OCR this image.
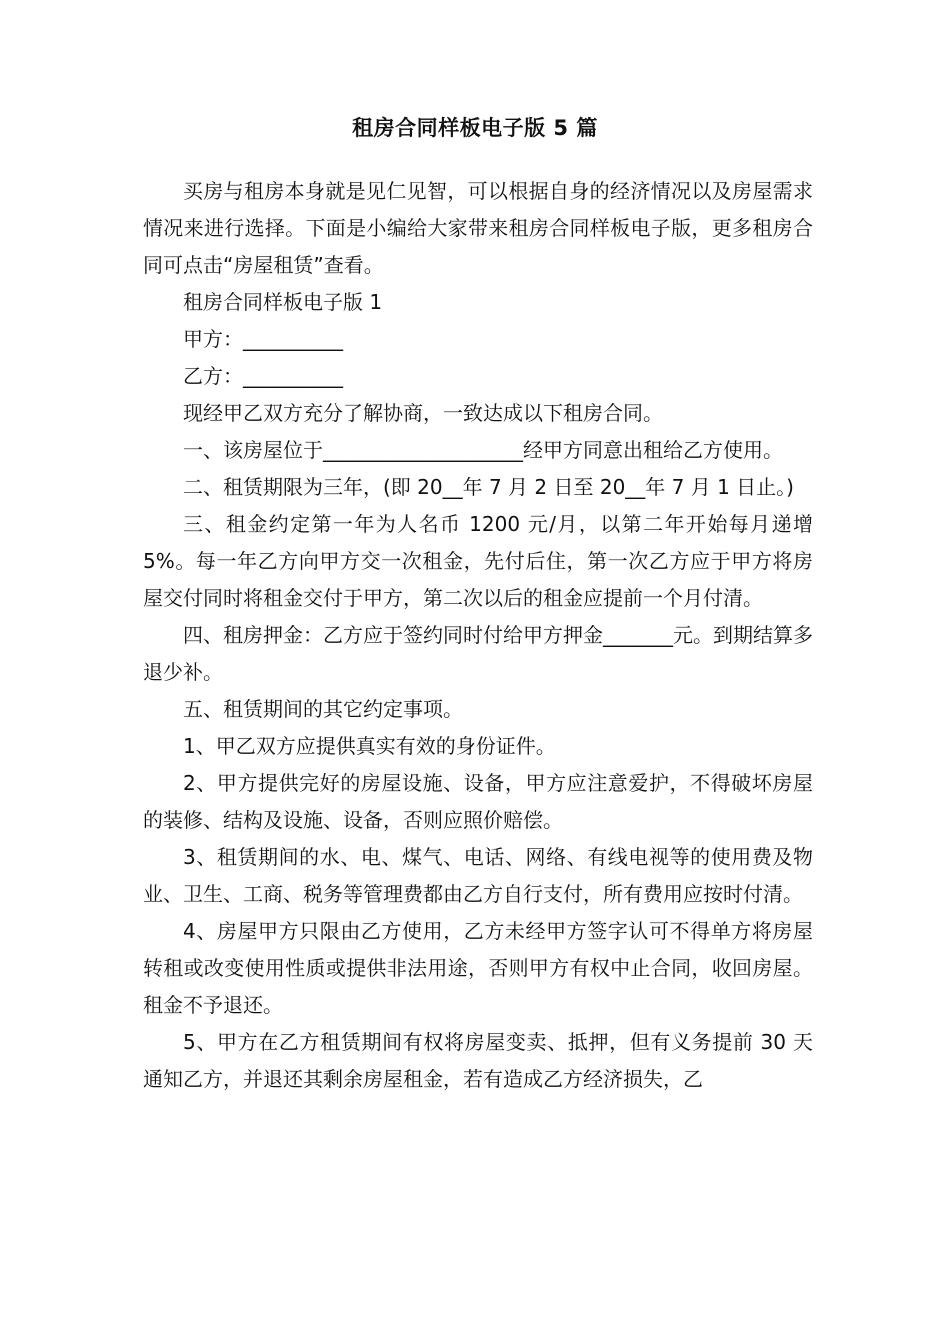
租房合同样板电子版 5 篇

买房与租房本身就是见仁见智，可以根据自身的经济情况以及房屋需求情况来进行选择。下面是小编给大家带来租房合同样板电子版，更多租房合同可点击“房屋租赁”查看。

租房合同样板电子版 1

甲方：__________

乙方：__________

现经甲乙双方充分了解协商，一致达成以下租房合同。

一、该房屋位于____________________经甲方同意出租给乙方使用。

二、租赁期限为三年，(即 20__年 7 月 2 日至 20__年 7 月 1 日止。)

三、租金约定第一年为人名币 1200 元/月，以第二年开始每月递增 5%。每一年乙方向甲方交一次租金，先付后住，第一次乙方应于甲方将房屋交付同时将租金交付于甲方，第二次以后的租金应提前一个月付清。

四、租房押金：乙方应于签约同时付给甲方押金_______元。到期结算多退少补。

五、租赁期间的其它约定事项。

1、甲乙双方应提供真实有效的身份证件。

2、甲方提供完好的房屋设施、设备，甲方应注意爱护，不得破坏房屋的装修、结构及设施、设备，否则应照价赔偿。

3、租赁期间的水、电、煤气、电话、网络、有线电视等的使用费及物业、卫生、工商、税务等管理费都由乙方自行支付，所有费用应按时付清。

4、房屋甲方只限由乙方使用，乙方未经甲方签字认可不得单方将房屋转租或改变使用性质或提供非法用途，否则甲方有权中止合同，收回房屋。租金不予退还。

5、甲方在乙方租赁期间有权将房屋变卖、抵押，但有义务提前 30 天通知乙方，并退还其剩余房屋租金，若有造成乙方经济损失，乙
